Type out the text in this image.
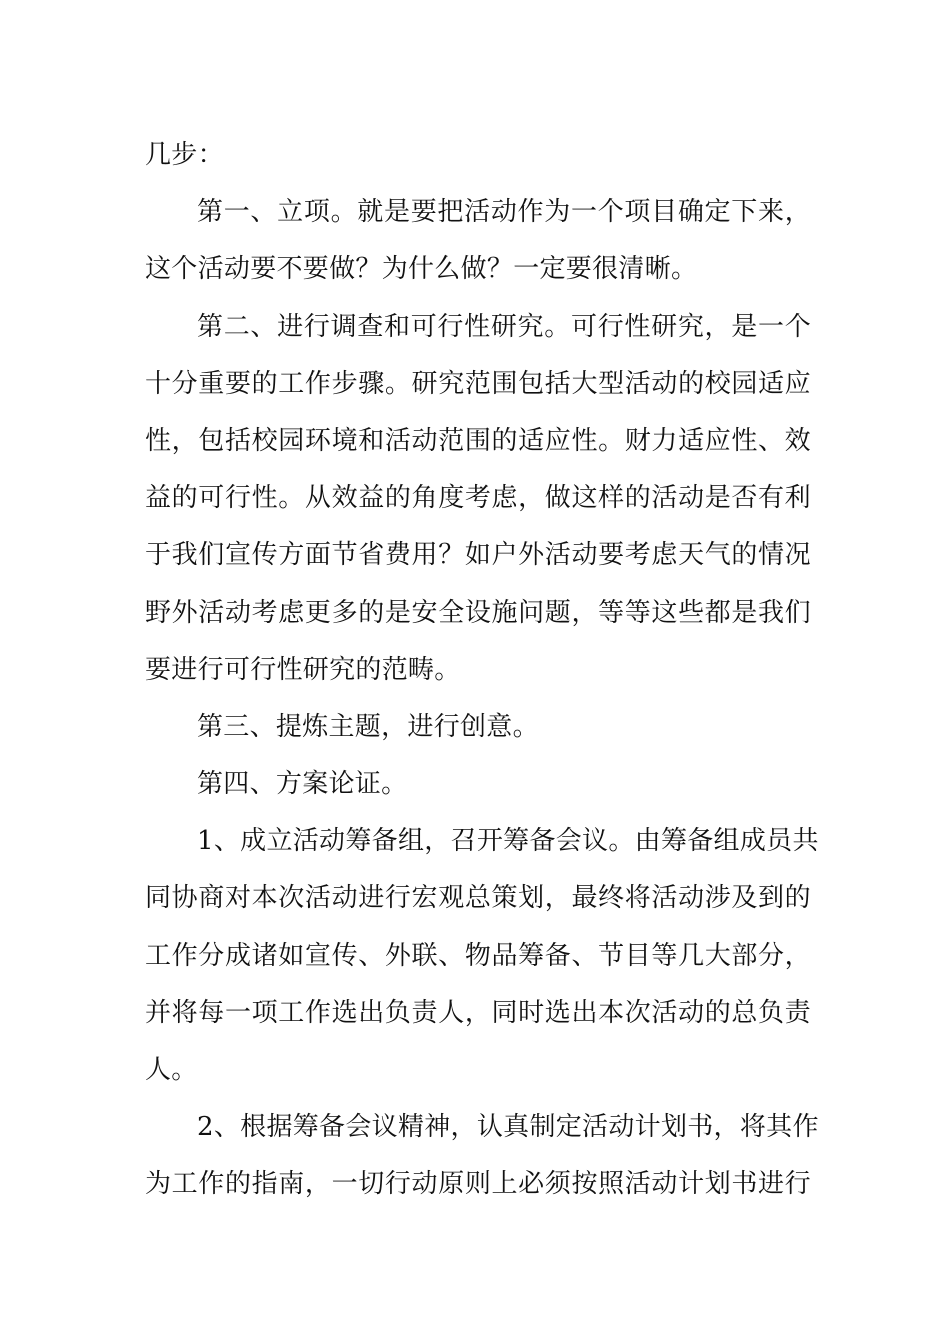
几步：
第一、立项。就是要把活动作为一个项目确定下来，
这个活动要不要做？为什么做？一定要很清晰。
第二、进行调查和可行性研究。可行性研究，是一个
十分重要的工作步骤。研究范围包括大型活动的校园适应
性，包括校园环境和活动范围的适应性。财力适应性、效
益的可行性。从效益的角度考虑，做这样的活动是否有利
于我们宣传方面节省费用？如户外活动要考虑天气的情况
野外活动考虑更多的是安全设施问题，等等这些都是我们
要进行可行性研究的范畴。
第三、提炼主题，进行创意。
第四、方案论证。
1、成立活动筹备组，召开筹备会议。由筹备组成员共
同协商对本次活动进行宏观总策划，最终将活动涉及到的
工作分成诸如宣传、外联、物品筹备、节目等几大部分，
并将每一项工作选出负责人，同时选出本次活动的总负责
人。
2、根据筹备会议精神，认真制定活动计划书，将其作
为工作的指南，一切行动原则上必须按照活动计划书进行
